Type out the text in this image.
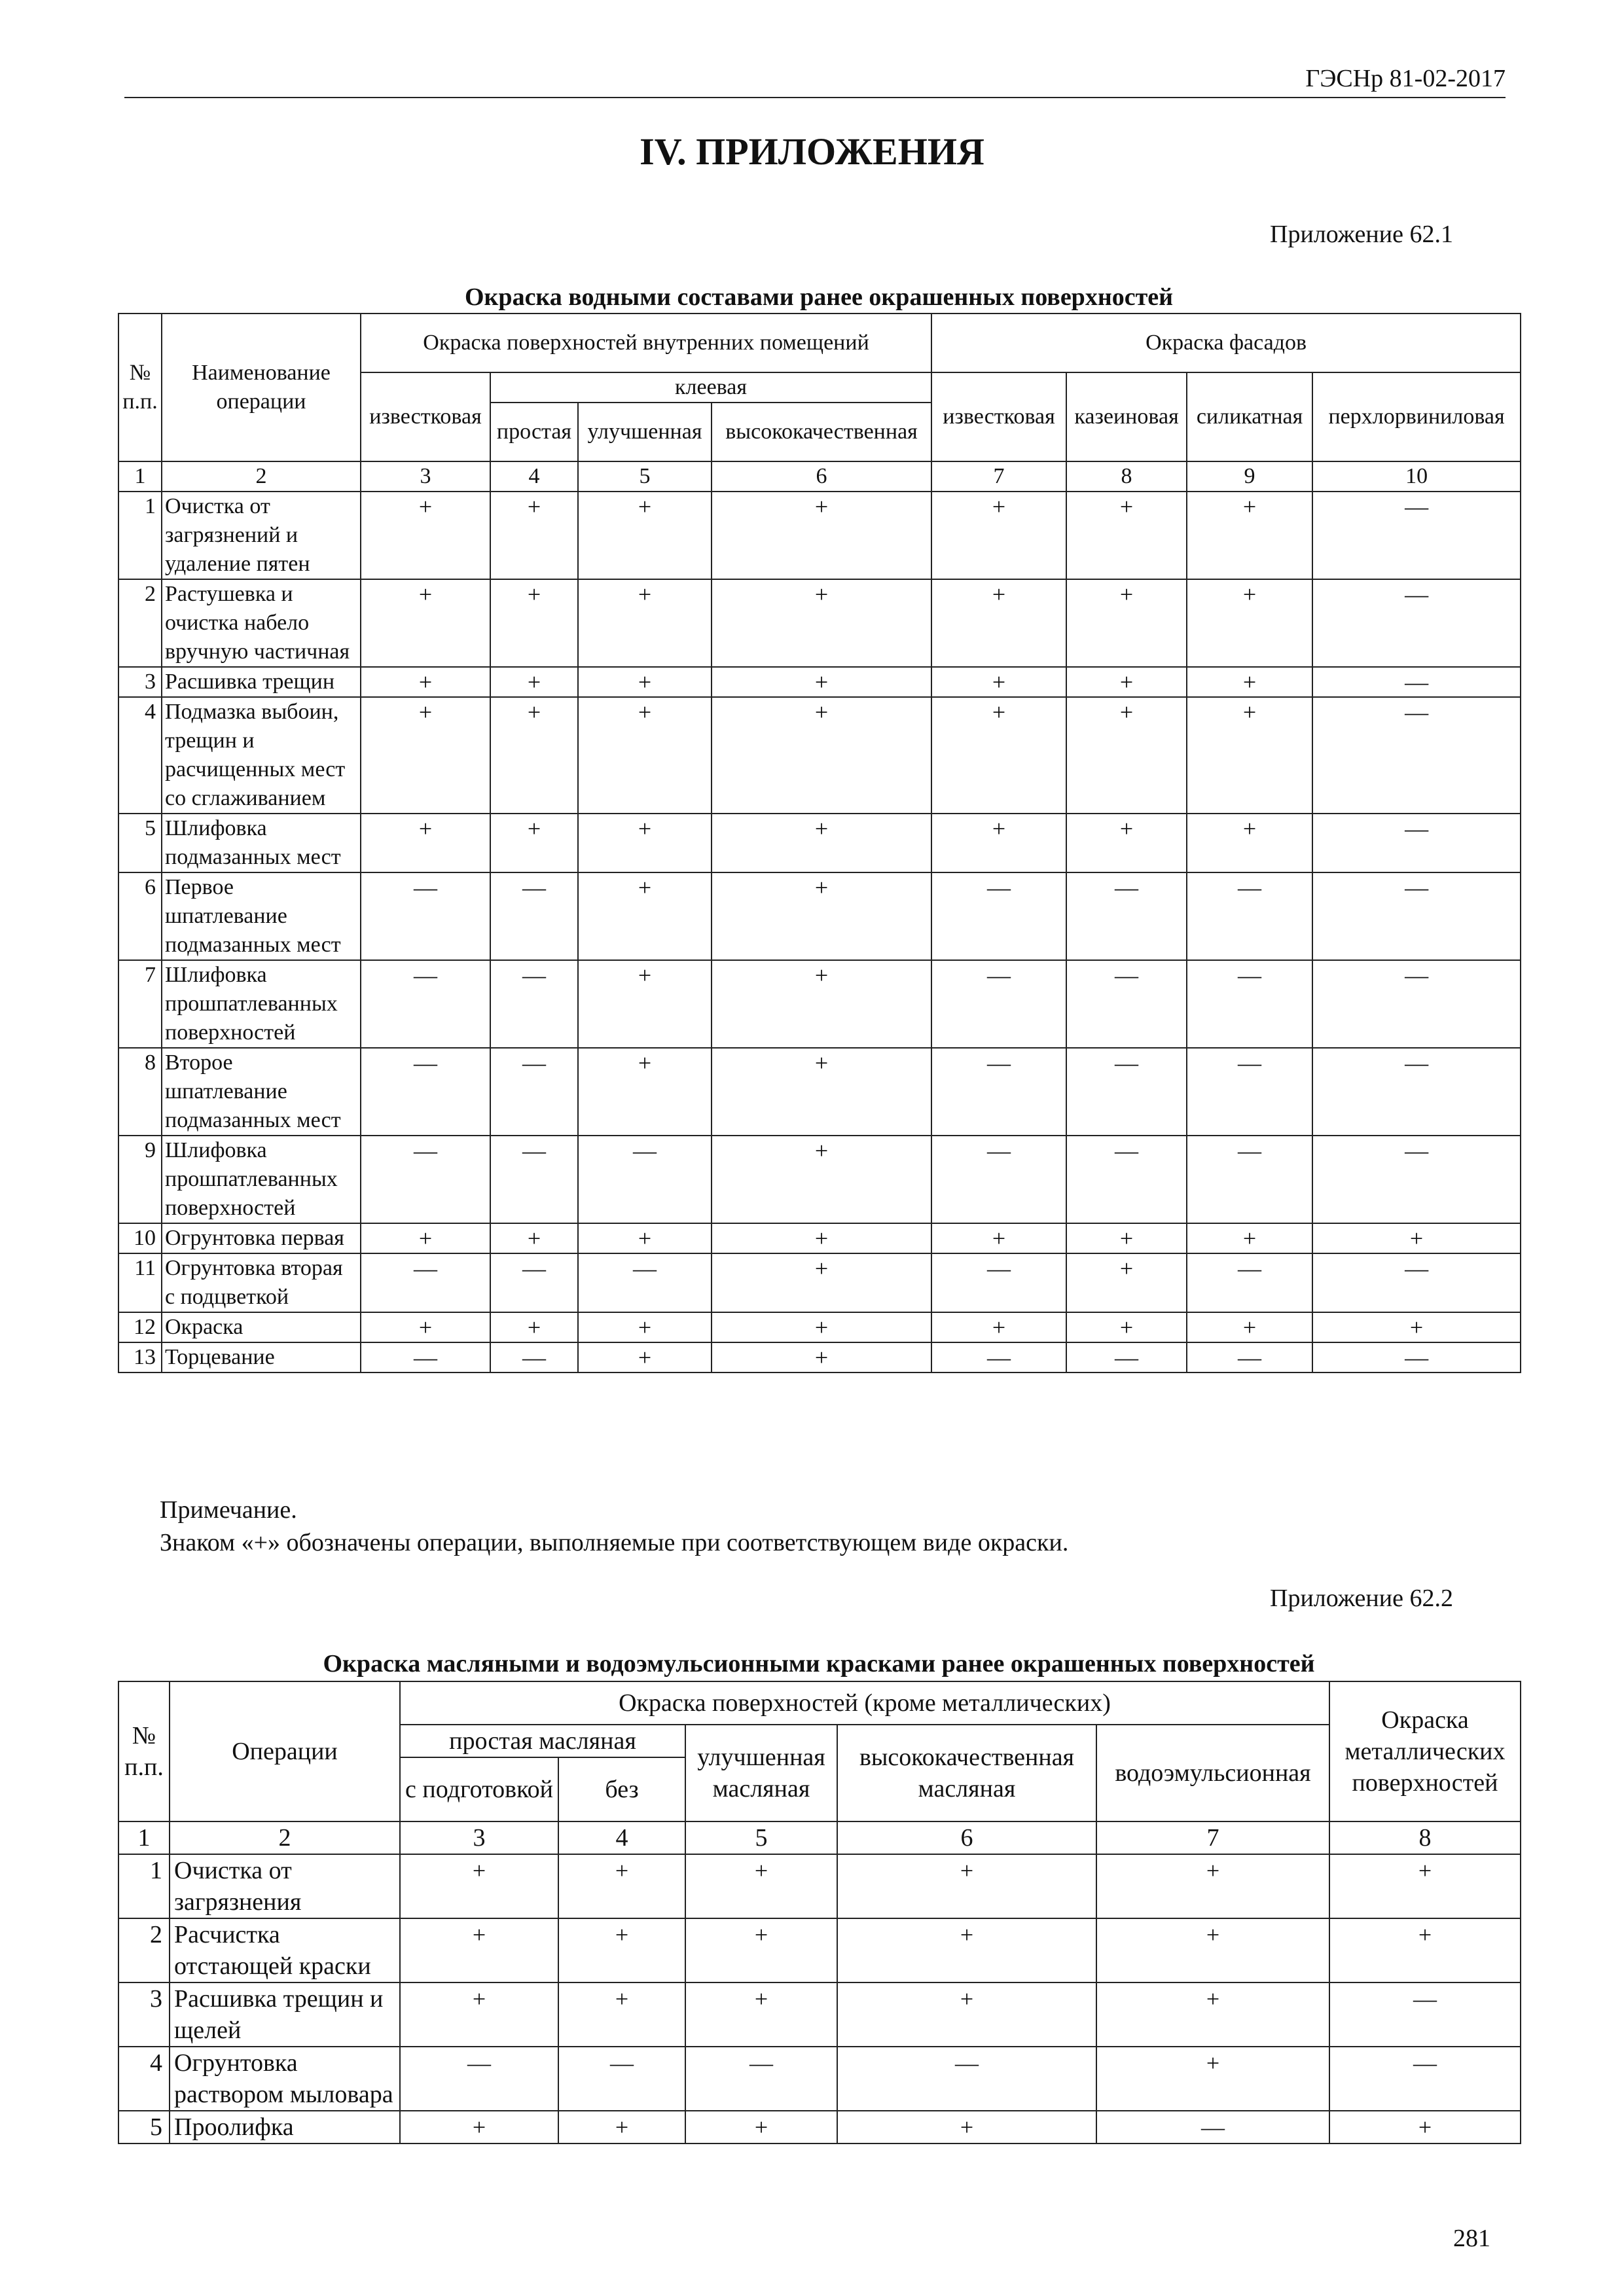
ГЭСНр 81-02-2017
IV. ПРИЛОЖЕНИЯ
Приложение 62.1
Окраска водными составами ранее окрашенных поверхностей
№ п.п.	Наименование операции	Окраска поверхностей внутренних помещений				Окраска фасадов			
		известковая	клеевая			известковая	казеиновая	силикатная	перхлорвиниловая
			простая	улучшенная	высококачественная				
1	2	3	4	5	6	7	8	9	10
1	Очистка от загрязнений и удаление пятен	+	+	+	+	+	+	+	—
2	Растушевка и очистка набело вручную частичная	+	+	+	+	+	+	+	—
3	Расшивка трещин	+	+	+	+	+	+	+	—
4	Подмазка выбоин, трещин и расчищенных мест со сглаживанием	+	+	+	+	+	+	+	—
5	Шлифовка подмазанных мест	+	+	+	+	+	+	+	—
6	Первое шпатлевание подмазанных мест	—	—	+	+	—	—	—	—
7	Шлифовка прошпатлеванных поверхностей	—	—	+	+	—	—	—	—
8	Второе шпатлевание подмазанных мест	—	—	+	+	—	—	—	—
9	Шлифовка прошпатлеванных поверхностей	—	—	—	+	—	—	—	—
10	Огрунтовка первая	+	+	+	+	+	+	+	+
11	Огрунтовка вторая с подцветкой	—	—	—	+	—	+	—	—
12	Окраска	+	+	+	+	+	+	+	+
13	Торцевание	—	—	+	+	—	—	—	—
Примечание.
Знаком «+» обозначены операции, выполняемые при соответствующем виде окраски.
Приложение 62.2
Окраска масляными и водоэмульсионными красками ранее окрашенных поверхностей
№ п.п.	Операции	Окраска поверхностей (кроме металлических)					Окраска металлических поверхностей
		простая масляная		улучшенная масляная	высококачественная масляная	водоэмульсионная	
		с подготовкой	без				
1	2	3	4	5	6	7	8
1	Очистка от загрязнения	+	+	+	+	+	+
2	Расчистка отстающей краски	+	+	+	+	+	+
3	Расшивка трещин и щелей	+	+	+	+	+	—
4	Огрунтовка раствором мыловара	—	—	—	—	+	—
5	Проолифка	+	+	+	+	—	+
281
